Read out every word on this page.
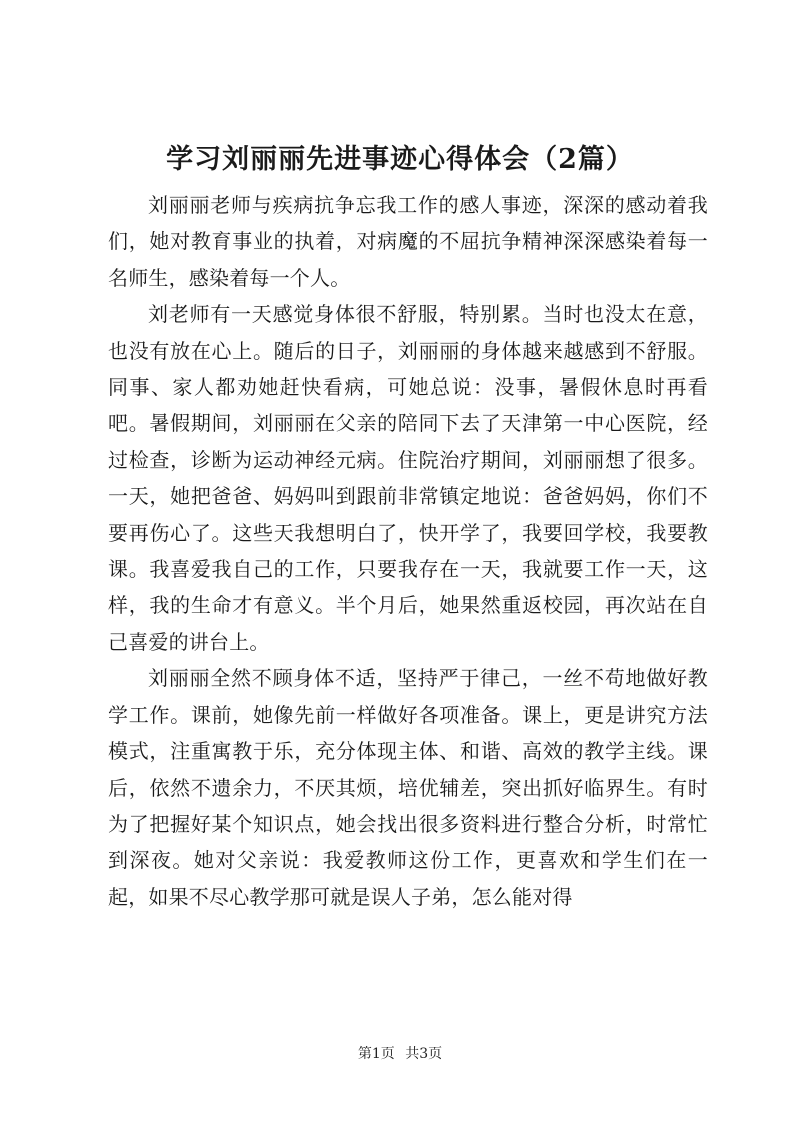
学习刘丽丽先进事迹心得体会（2篇）

刘丽丽老师与疾病抗争忘我工作的感人事迹，深深的感动着我们，她对教育事业的执着，对病魔的不屈抗争精神深深感染着每一名师生，感染着每一个人。

刘老师有一天感觉身体很不舒服，特别累。当时也没太在意，也没有放在心上。随后的日子，刘丽丽的身体越来越感到不舒服。同事、家人都劝她赶快看病，可她总说：没事，暑假休息时再看吧。暑假期间，刘丽丽在父亲的陪同下去了天津第一中心医院，经过检查，诊断为运动神经元病。住院治疗期间，刘丽丽想了很多。一天，她把爸爸、妈妈叫到跟前非常镇定地说：爸爸妈妈，你们不要再伤心了。这些天我想明白了，快开学了，我要回学校，我要教课。我喜爱我自己的工作，只要我存在一天，我就要工作一天，这样，我的生命才有意义。半个月后，她果然重返校园，再次站在自己喜爱的讲台上。

刘丽丽全然不顾身体不适，坚持严于律己，一丝不苟地做好教学工作。课前，她像先前一样做好各项准备。课上，更是讲究方法模式，注重寓教于乐，充分体现主体、和谐、高效的教学主线。课后，依然不遗余力，不厌其烦，培优辅差，突出抓好临界生。有时为了把握好某个知识点，她会找出很多资料进行整合分析，时常忙到深夜。她对父亲说：我爱教师这份工作，更喜欢和学生们在一起，如果不尽心教学那可就是误人子弟，怎么能对得

第1页 共3页
